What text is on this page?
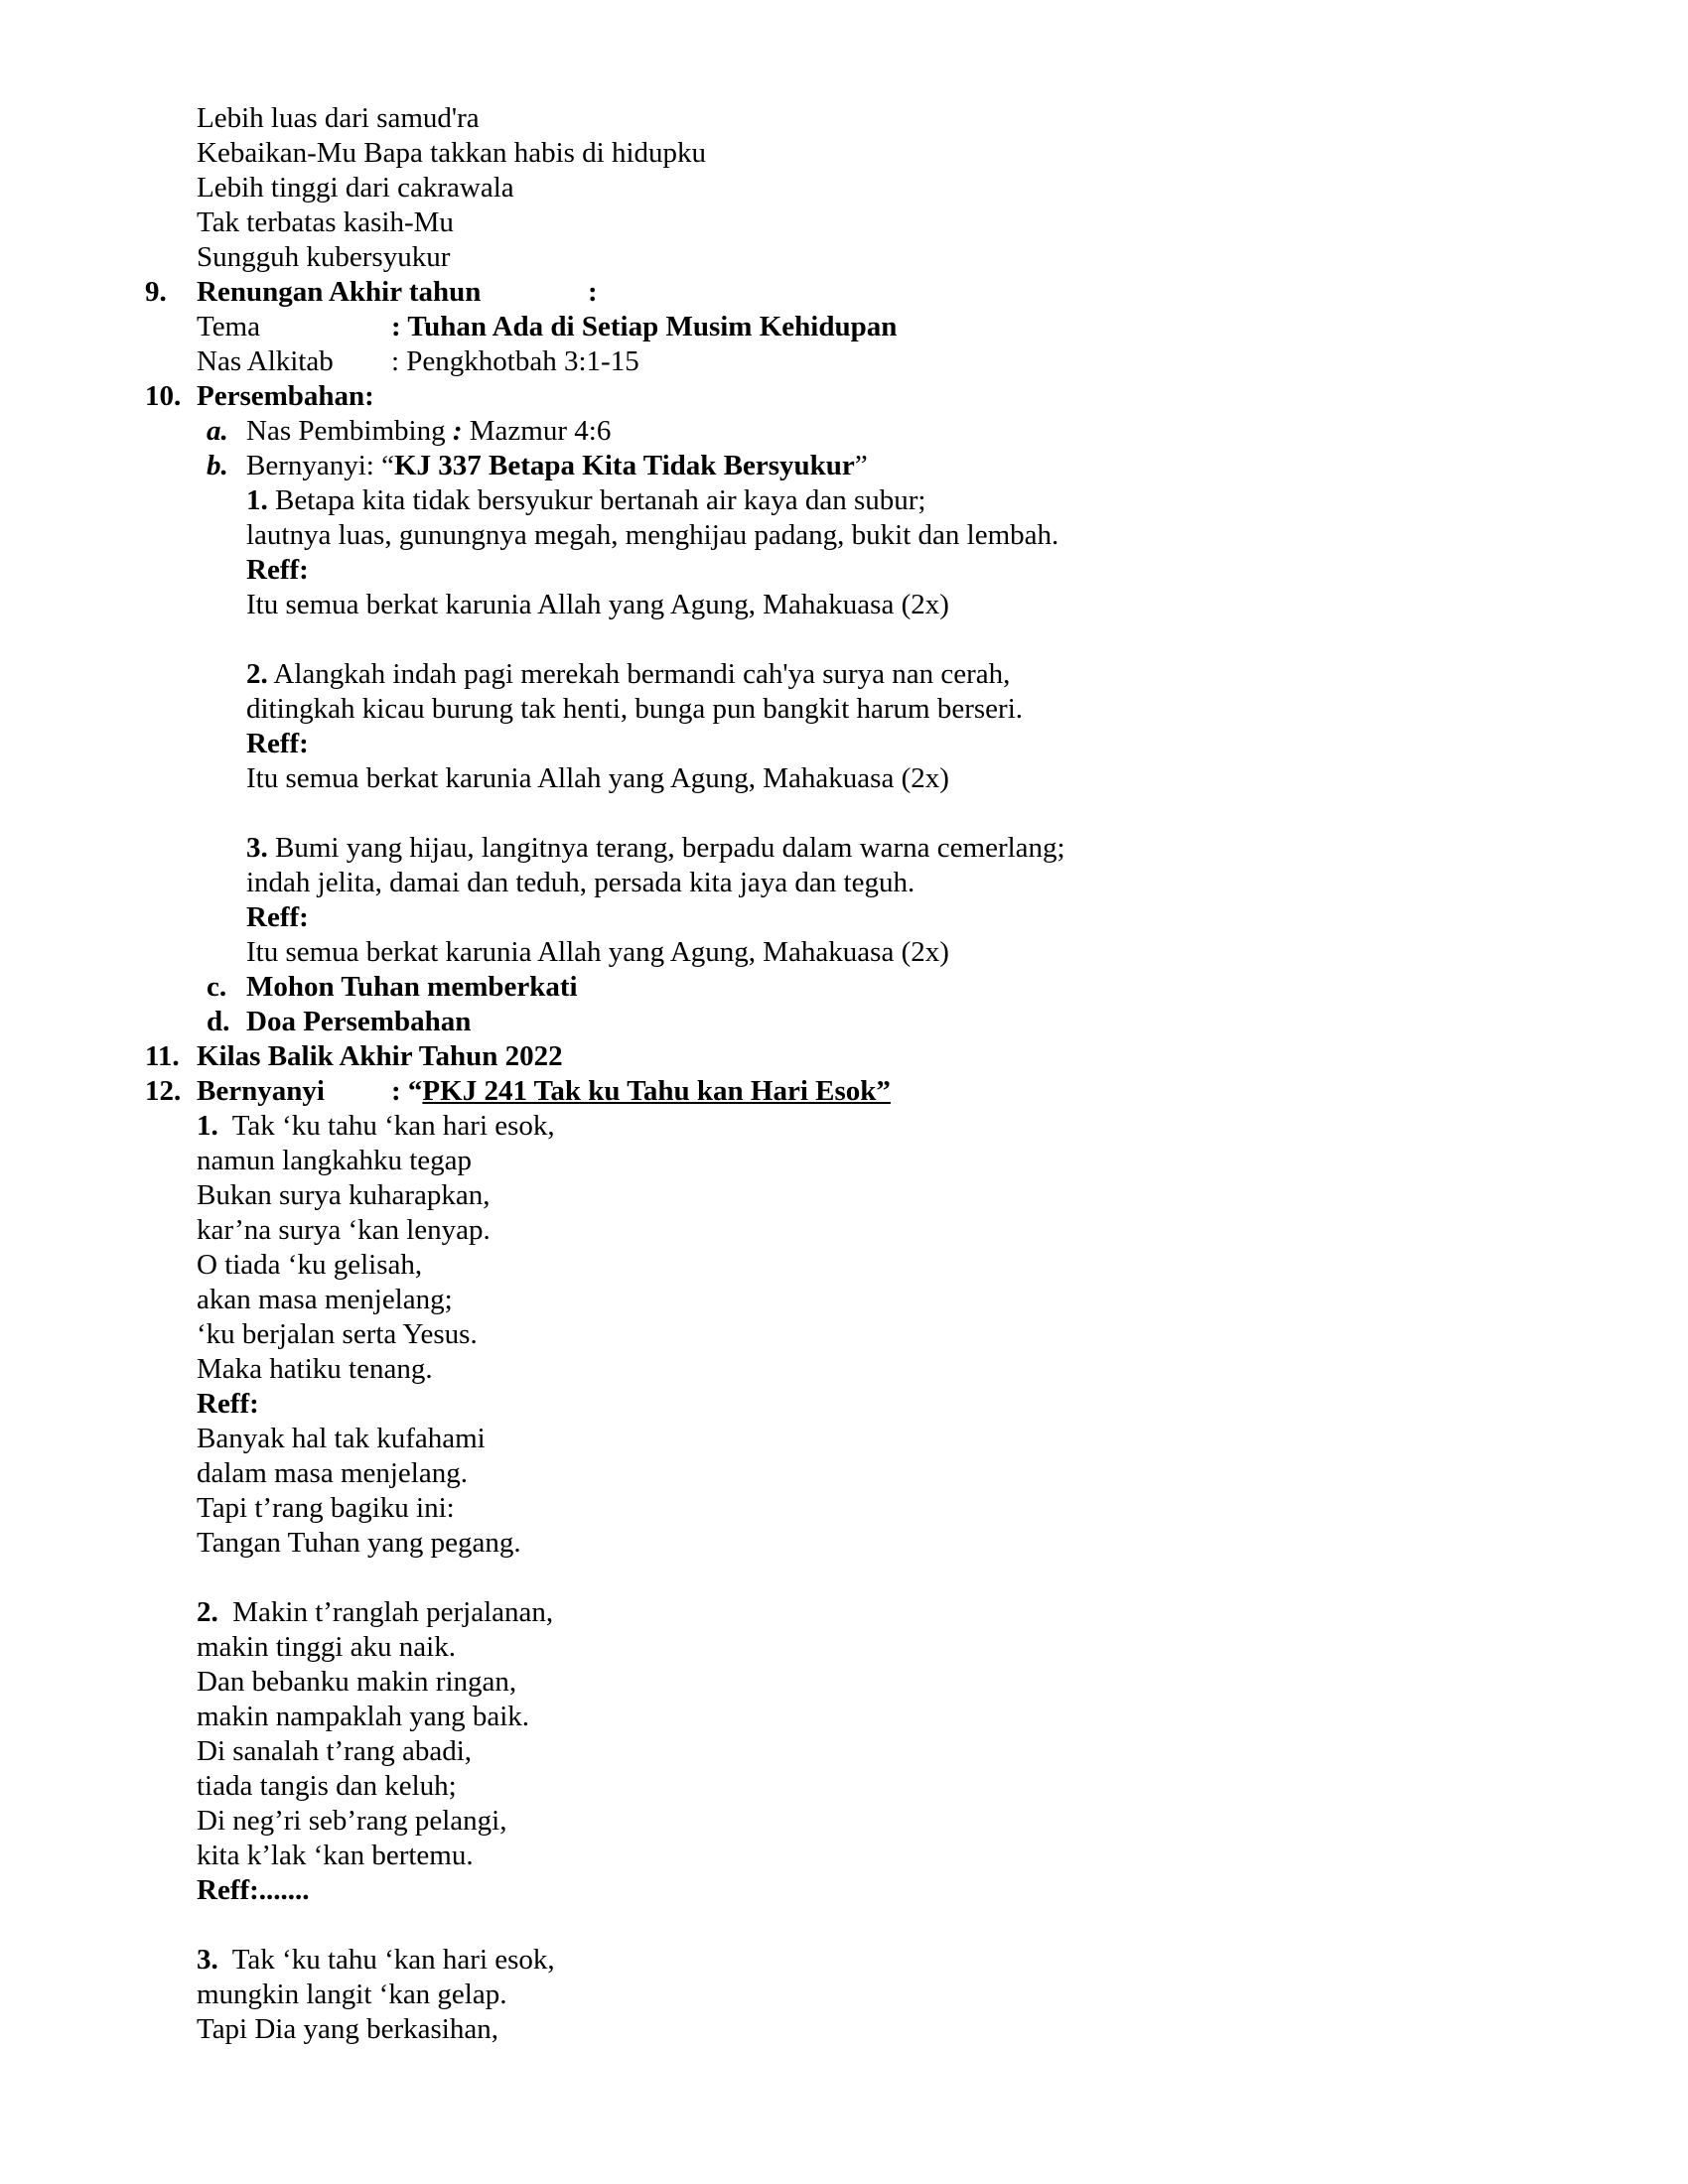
Lebih luas dari samud'ra
Kebaikan-Mu Bapa takkan habis di hidupku
Lebih tinggi dari cakrawala
Tak terbatas kasih-Mu
Sungguh kubersyukur
9. Renungan Akhir tahun	:
Tema	: Tuhan Ada di Setiap Musim Kehidupan
Nas Alkitab : Pengkhotbah 3:1-15
10. Persembahan:
a. Nas Pembimbing : Mazmur 4:6
b. Bernyanyi: “KJ 337 Betapa Kita Tidak Bersyukur”
1. Betapa kita tidak bersyukur bertanah air kaya dan subur;
lautnya luas, gunungnya megah, menghijau padang, bukit dan lembah.
Reff:
Itu semua berkat karunia Allah yang Agung, Mahakuasa (2x)
2. Alangkah indah pagi merekah bermandi cah'ya surya nan cerah,
ditingkah kicau burung tak henti, bunga pun bangkit harum berseri.
Reff:
Itu semua berkat karunia Allah yang Agung, Mahakuasa (2x)
3. Bumi yang hijau, langitnya terang, berpadu dalam warna cemerlang;
indah jelita, damai dan teduh, persada kita jaya dan teguh.
Reff:
Itu semua berkat karunia Allah yang Agung, Mahakuasa (2x)
c. Mohon Tuhan memberkati
d. Doa Persembahan
11. Kilas Balik Akhir Tahun 2022
12. Bernyanyi : “PKJ 241 Tak ku Tahu kan Hari Esok”
1. Tak ‘ku tahu ‘kan hari esok,
namun langkahku tegap
Bukan surya kuharapkan,
kar’na surya ‘kan lenyap.
O tiada ‘ku gelisah,
akan masa menjelang;
‘ku berjalan serta Yesus.
Maka hatiku tenang.
Reff:
Banyak hal tak kufahami
dalam masa menjelang.
Tapi t’rang bagiku ini:
Tangan Tuhan yang pegang.
2. Makin t’ranglah perjalanan,
makin tinggi aku naik.
Dan bebanku makin ringan,
makin nampaklah yang baik.
Di sanalah t’rang abadi,
tiada tangis dan keluh;
Di neg’ri seb’rang pelangi,
kita k’lak ‘kan bertemu.
Reff:.......
3. Tak ‘ku tahu ‘kan hari esok,
mungkin langit ‘kan gelap.
Tapi Dia yang berkasihan,
